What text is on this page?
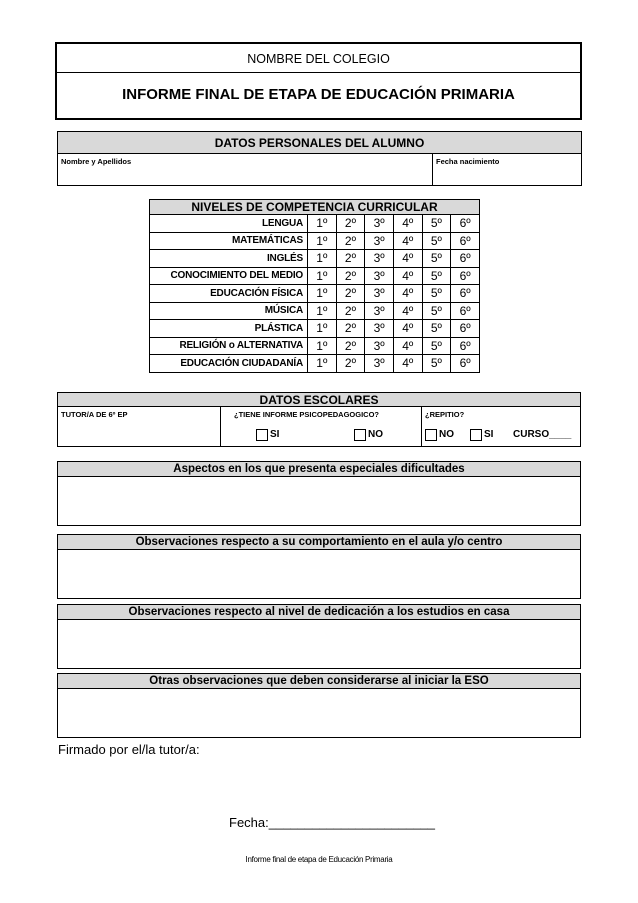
NOMBRE DEL COLEGIO
INFORME FINAL DE ETAPA DE EDUCACIÓN PRIMARIA
DATOS PERSONALES DEL ALUMNO
Nombre y Apellidos	Fecha nacimiento
NIVELES DE COMPETENCIA CURRICULAR						
LENGUA	1º	2º	3º	4º	5º	6º
MATEMÁTICAS	1º	2º	3º	4º	5º	6º
INGLÉS	1º	2º	3º	4º	5º	6º
CONOCIMIENTO DEL MEDIO	1º	2º	3º	4º	5º	6º
EDUCACIÓN FÍSICA	1º	2º	3º	4º	5º	6º
MÚSICA	1º	2º	3º	4º	5º	6º
PLÁSTICA	1º	2º	3º	4º	5º	6º
RELIGIÓN o ALTERNATIVA	1º	2º	3º	4º	5º	6º
EDUCACIÓN CIUDADANÍA	1º	2º	3º	4º	5º	6º
DATOS ESCOLARES
TUTOR/A DE 6º EP	¿TIENE INFORME PSICOPEDAGOGICO?	¿REPITIO?
SI	NO	NO	SI CURSO____
Aspectos en los que presenta especiales dificultades
Observaciones respecto a su comportamiento en el aula y/o centro
Observaciones respecto al nivel de dedicación a los estudios en casa
Otras observaciones que deben considerarse al iniciar la ESO
Firmado por el/la tutor/a:
Fecha:_______________________
Informe final de etapa de Educación Primaria
